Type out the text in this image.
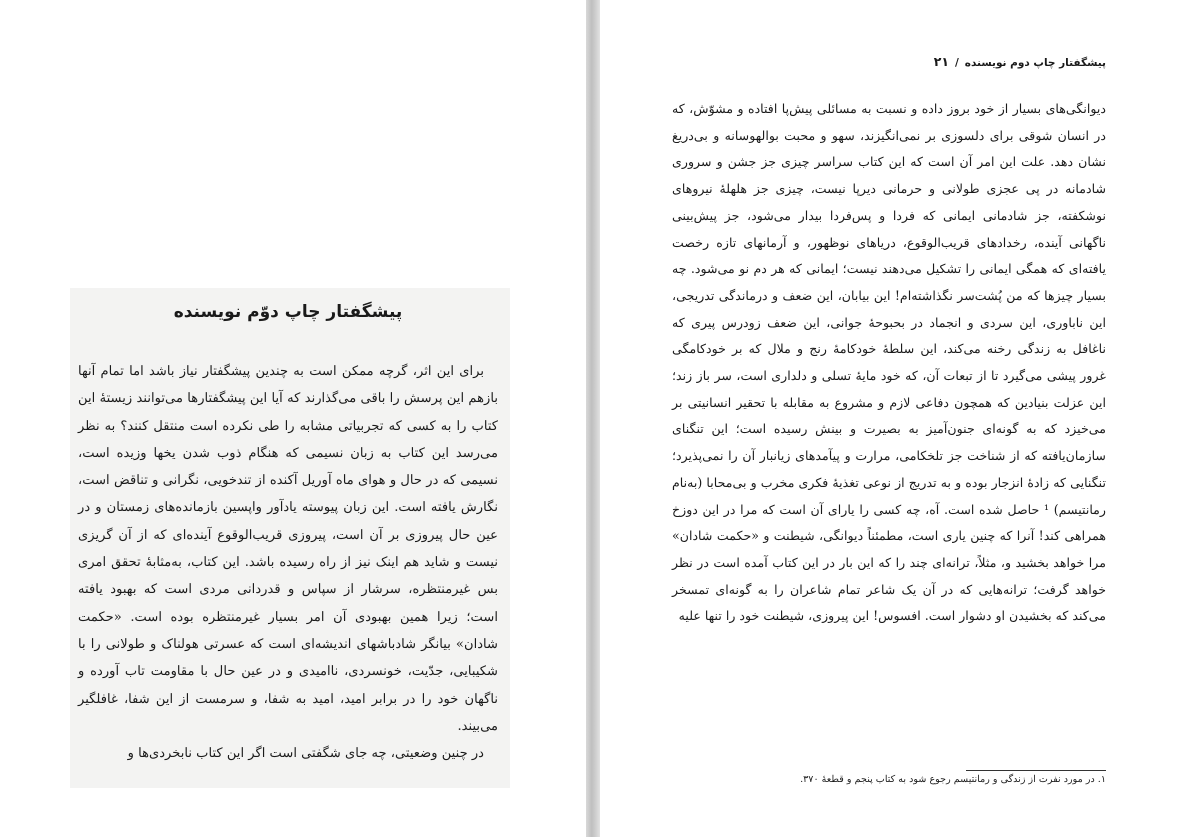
پیشگفتار چاپ دوّم نویسنده

برای این اثر، گرچه ممکن است به چندین پیشگفتار نیاز باشد اما تمام آنها بازهم این پرسش را باقی می‌گذارند که آیا این پیشگفتارها می‌توانند زیستهٔ این کتاب را به کسی که تجربیاتی مشابه را طی نکرده است منتقل کنند؟ به نظر می‌رسد این کتاب به زبان نسیمی که هنگام ذوب شدن یخها وزیده است، نسیمی که در حال و هوای ماه آوریل آکنده از تندخویی، نگرانی و تناقض است، نگارش یافته است. این زبان پیوسته یادآور واپسین بازمانده‌های زمستان و در عین حال پیروزی بر آن است، پیروزی قریب‌الوقوع آینده‌ای که از آن گریزی نیست و شاید هم اینک نیز از راه رسیده باشد. این کتاب، به‌مثابهٔ تحقق امری بس غیرمنتظره، سرشار از سپاس و قدردانی مردی است که بهبود یافته است؛ زیرا همین بهبودی آن امر بسیار غیرمنتظره بوده است. «حکمت شادان» بیانگر شادباشهای اندیشه‌ای است که عسرتی هولناک و طولانی را با شکیبایی، جدّیت، خونسردی، ناامیدی و در عین حال با مقاومت تاب آورده و ناگهان خود را در برابر امید، امید به شفا، و سرمست از این شفا، غافلگیر می‌بیند.

در چنین وضعیتی، چه جای شگفتی است اگر این کتاب نابخردی‌ها و

پیشگفتار چاپ دوم نویسنده
/
۲۱

دیوانگی‌های بسیار از خود بروز داده و نسبت به مسائلی پیش‌پا افتاده و مشوّش، که در انسان شوقی برای دلسوزی بر نمی‌انگیزند، سهو و محبت بوالهوسانه و بی‌دریغ نشان دهد. علت این امر آن است که این کتاب سراسر چیزی جز جشن و سروری شادمانه در پی عجزی طولانی و حرمانی دیرپا نیست، چیزی جز هلهلهٔ نیروهای نوشکفته، جز شادمانی ایمانی که فردا و پس‌فردا بیدار می‌شود، جز پیش‌بینی ناگهانی آینده، رخدادهای قریب‌الوقوع، دریاهای نوظهور، و آرمانهای تازه رخصت یافته‌ای که همگی ایمانی را تشکیل می‌دهند نیست؛ ایمانی که هر دم نو می‌شود. چه بسیار چیزها که من پُشت‌سر نگذاشته‌ام! این بیابان، این ضعف و درماندگی تدریجی، این ناباوری، این سردی و انجماد در بحبوحهٔ جوانی، این ضعف زودرس پیری که ناغافل به زندگی رخنه می‌کند، این سلطهٔ خودکامهٔ رنج و ملال که بر خودکامگی غرور پیشی می‌گیرد تا از تبعات آن، که خود مایهٔ تسلی و دلداری است، سر باز زند؛ این عزلت بنیادین که همچون دفاعی لازم و مشروع به مقابله با تحقیر انسانیتی بر می‌خیزد که به گونه‌ای جنون‌آمیز به بصیرت و بینش رسیده است؛ این تنگنای سازمان‌یافته که از شناخت جز تلخکامی، مرارت و پیآمدهای زیانبار آن را نمی‌پذیرد؛ تنگنایی که زادهٔ انزجار بوده و به تدریج از نوعی تغذیهٔ فکری مخرب و بی‌محابا (به‌نام رمانتیسم) ¹ حاصل شده است. آه، چه کسی را یارای آن است که مرا در این دوزخ همراهی کند! آنرا که چنین یاری است، مطمئناً دیوانگی، شیطنت و «حکمت شادان» مرا خواهد بخشید و، مثلاً، ترانه‌ای چند را که این بار در این کتاب آمده است در نظر خواهد گرفت؛ ترانه‌هایی که در آن یک شاعر تمام شاعران را به گونه‌ای تمسخر می‌کند که بخشیدن او دشوار است. افسوس! این پیروزی، شیطنت خود را تنها علیه

۱. در مورد نفرت از زندگی و رمانتیسم رجوع شود به کتاب پنجم و قطعهٔ ۳۷۰.
